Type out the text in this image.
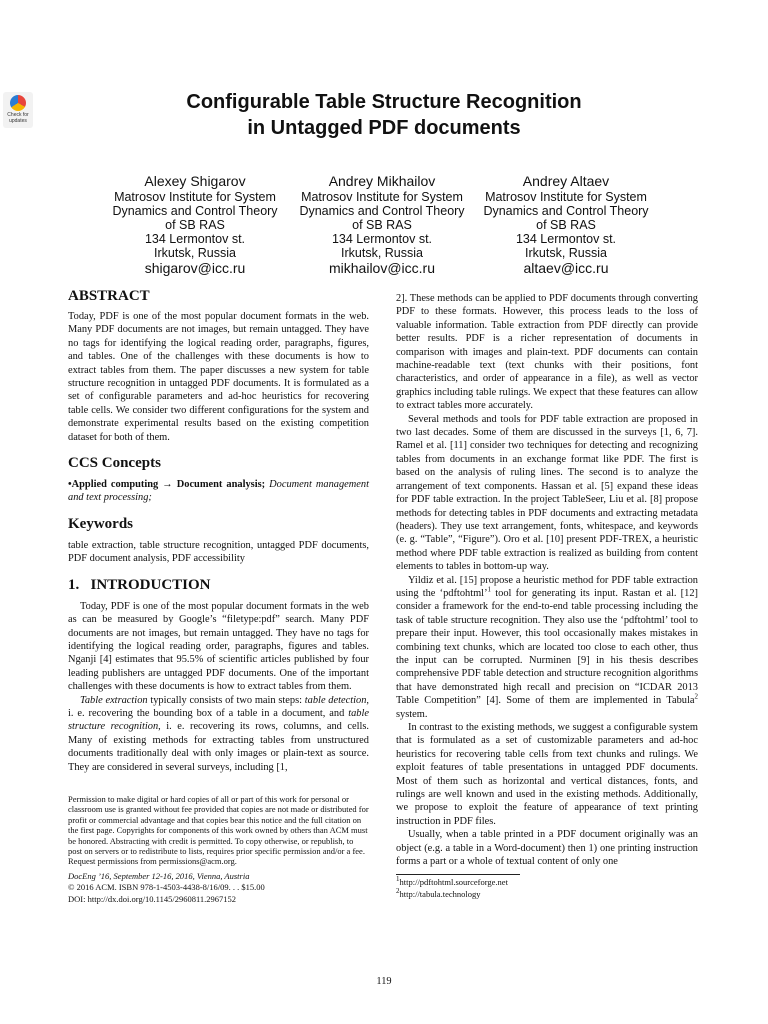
Check for updates
Configurable Table Structure Recognition
in Untagged PDF documents
Alexey Shigarov
Matrosov Institute for System
Dynamics and Control Theory
of SB RAS
134 Lermontov st.
Irkutsk, Russia
shigarov@icc.ru
Andrey Mikhailov
Matrosov Institute for System
Dynamics and Control Theory
of SB RAS
134 Lermontov st.
Irkutsk, Russia
mikhailov@icc.ru
Andrey Altaev
Matrosov Institute for System
Dynamics and Control Theory
of SB RAS
134 Lermontov st.
Irkutsk, Russia
altaev@icc.ru
ABSTRACT

Today, PDF is one of the most popular document formats in the web. Many PDF documents are not images, but remain untagged. They have no tags for identifying the logical reading order, paragraphs, figures, and tables. One of the challenges with these documents is how to extract tables from them. The paper discusses a new system for table structure recognition in untagged PDF documents. It is formulated as a set of configurable parameters and ad-hoc heuristics for recovering table cells. We consider two different configurations for the system and demonstrate experimental results based on the existing competition dataset for both of them.

CCS Concepts

•Applied computing → Document analysis; Document management and text processing;

Keywords

table extraction, table structure recognition, untagged PDF documents, PDF document analysis, PDF accessibility

1.   INTRODUCTION

Today, PDF is one of the most popular document formats in the web as can be measured by Google’s “filetype:pdf” search. Many PDF documents are not images, but remain untagged. They have no tags for identifying the logical reading order, paragraphs, figures and tables. Nganji [4] estimates that 95.5% of scientific articles published by four leading publishers are untagged PDF documents. One of the important challenges with these documents is how to extract tables from them.

Table extraction typically consists of two main steps: table detection, i. e. recovering the bounding box of a table in a document, and table structure recognition, i. e. recovering its rows, columns, and cells. Many of existing methods for extracting tables from unstructured documents traditionally deal with only images or plain-text as source. They are considered in several surveys, including [1,

Permission to make digital or hard copies of all or part of this work for personal or classroom use is granted without fee provided that copies are not made or distributed for profit or commercial advantage and that copies bear this notice and the full citation on the first page. Copyrights for components of this work owned by others than ACM must be honored. Abstracting with credit is permitted. To copy otherwise, or republish, to post on servers or to redistribute to lists, requires prior specific permission and/or a fee. Request permissions from permissions@acm.org.

DocEng ’16, September 12-16, 2016, Vienna, Austria
© 2016 ACM. ISBN 978-1-4503-4438-8/16/09. . . $15.00
DOI: http://dx.doi.org/10.1145/2960811.2967152

2]. These methods can be applied to PDF documents through converting PDF to these formats. However, this process leads to the loss of valuable information. Table extraction from PDF directly can provide better results. PDF is a richer representation of documents in comparison with images and plain-text. PDF documents can contain machine-readable text (text chunks with their positions, font characteristics, and order of appearance in a file), as well as vector graphics including table rulings. We expect that these features can allow to extract tables more accurately.

Several methods and tools for PDF table extraction are proposed in two last decades. Some of them are discussed in the surveys [1, 6, 7]. Ramel et al. [11] consider two techniques for detecting and recognizing tables from documents in an exchange format like PDF. The first is based on the analysis of ruling lines. The second is to analyze the arrangement of text components. Hassan et al. [5] expand these ideas for PDF table extraction. In the project TableSeer, Liu et al. [8] propose methods for detecting tables in PDF documents and extracting metadata (headers). They use text arrangement, fonts, whitespace, and keywords (e. g. “Table”, “Figure”). Oro et al. [10] present PDF-TREX, a heuristic method where PDF table extraction is realized as building from content elements to tables in bottom-up way.

Yildiz et al. [15] propose a heuristic method for PDF table extraction using the ‘pdftohtml’$^1$ tool for generating its input. Rastan et al. [12] consider a framework for the end-to-end table processing including the task of table structure recognition. They also use the ‘pdftohtml’ tool to prepare their input. However, this tool occasionally makes mistakes in combining text chunks, which are located too close to each other, thus the input can be corrupted. Nurminen [9] in his thesis describes comprehensive PDF table detection and structure recognition algorithms that have demonstrated high recall and precision on “ICDAR 2013 Table Competition” [4]. Some of them are implemented in Tabula$^2$ system.

In contrast to the existing methods, we suggest a configurable system that is formulated as a set of customizable parameters and ad-hoc heuristics for recovering table cells from text chunks and rulings. We exploit features of table presentations in untagged PDF documents. Most of them such as horizontal and vertical distances, fonts, and rulings are well known and used in the existing methods. Additionally, we propose to exploit the feature of appearance of text printing instruction in PDF files.

Usually, when a table printed in a PDF document originally was an object (e.g. a table in a Word-document) then 1) one printing instruction forms a part or a whole of textual content of only one

$^1$http://pdftohtml.sourceforge.net
$^2$http://tabula.technology
119
